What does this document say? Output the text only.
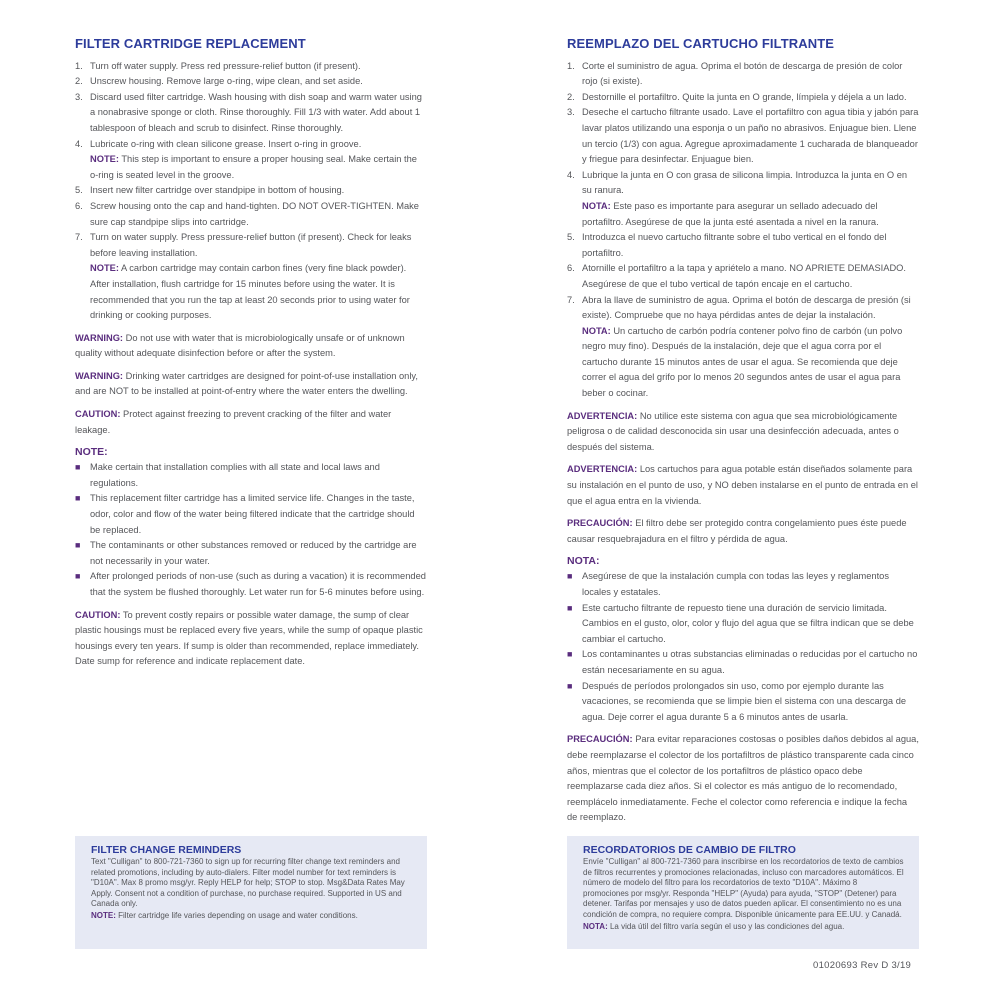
FILTER CARTRIDGE REPLACEMENT
1. Turn off water supply. Press red pressure-relief button (if present).
2. Unscrew housing. Remove large o-ring, wipe clean, and set aside.
3. Discard used filter cartridge. Wash housing with dish soap and warm water using a nonabrasive sponge or cloth. Rinse thoroughly. Fill 1/3 with water. Add about 1 tablespoon of bleach and scrub to disinfect. Rinse thoroughly.
4. Lubricate o-ring with clean silicone grease. Insert o-ring in groove.
NOTE: This step is important to ensure a proper housing seal. Make certain the o-ring is seated level in the groove.
5. Insert new filter cartridge over standpipe in bottom of housing.
6. Screw housing onto the cap and hand-tighten. DO NOT OVER-TIGHTEN. Make sure cap standpipe slips into cartridge.
7. Turn on water supply. Press pressure-relief button (if present). Check for leaks before leaving installation.
NOTE: A carbon cartridge may contain carbon fines (very fine black powder). After installation, flush cartridge for 15 minutes before using the water. It is recommended that you run the tap at least 20 seconds prior to using water for drinking or cooking purposes.
WARNING: Do not use with water that is microbiologically unsafe or of unknown quality without adequate disinfection before or after the system.
WARNING: Drinking water cartridges are designed for point-of-use installation only, and are NOT to be installed at point-of-entry where the water enters the dwelling.
CAUTION: Protect against freezing to prevent cracking of the filter and water leakage.
NOTE:
■	Make certain that installation complies with all state and local laws and regulations.
■	This replacement filter cartridge has a limited service life. Changes in the taste, odor, color and flow of the water being filtered indicate that the cartridge should be replaced.
■	The contaminants or other substances removed or reduced by the cartridge are not necessarily in your water.
■	After prolonged periods of non-use (such as during a vacation) it is recommended that the system be flushed thoroughly. Let water run for 5-6 minutes before using.
CAUTION: To prevent costly repairs or possible water damage, the sump of clear plastic housings must be replaced every five years, while the sump of opaque plastic housings every ten years. If sump is older than recommended, replace immediately. Date sump for reference and indicate replacement date.
REEMPLAZO DEL CARTUCHO FILTRANTE
1. Corte el suministro de agua. Oprima el botón de descarga de presión de color rojo (si existe).
2. Destornille el portafiltro. Quite la junta en O grande, límpiela y déjela a un lado.
3. Deseche el cartucho filtrante usado. Lave el portafiltro con agua tibia y jabón para lavar platos utilizando una esponja o un paño no abrasivos. Enjuague bien. Llene un tercio (1/3) con agua. Agregue aproximadamente 1 cucharada de blanqueador y friegue para desinfectar. Enjuague bien.
4. Lubrique la junta en O con grasa de silicona limpia. Introduzca la junta en O en su ranura.
NOTA: Este paso es importante para asegurar un sellado adecuado del portafiltro. Asegúrese de que la junta esté asentada a nivel en la ranura.
5. Introduzca el nuevo cartucho filtrante sobre el tubo vertical en el fondo del portafiltro.
6. Atornille el portafiltro a la tapa y apriételo a mano. NO APRIETE DEMASIADO. Asegúrese de que el tubo vertical de tapón encaje en el cartucho.
7. Abra la llave de suministro de agua. Oprima el botón de descarga de presión (si existe). Compruebe que no haya pérdidas antes de dejar la instalación.
NOTA: Un cartucho de carbón podría contener polvo fino de carbón (un polvo negro muy fino). Después de la instalación, deje que el agua corra por el cartucho durante 15 minutos antes de usar el agua. Se recomienda que deje correr el agua del grifo por lo menos 20 segundos antes de usar el agua para beber o cocinar.
ADVERTENCIA: No utilice este sistema con agua que sea microbiológicamente peligrosa o de calidad desconocida sin usar una desinfección adecuada, antes o después del sistema.
ADVERTENCIA: Los cartuchos para agua potable están diseñados solamente para su instalación en el punto de uso, y NO deben instalarse en el punto de entrada en el que el agua entra en la vivienda.
PRECAUCIÓN: El filtro debe ser protegido contra congelamiento pues éste puede causar resquebrajadura en el filtro y pérdida de agua.
NOTA:
■	Asegúrese de que la instalación cumpla con todas las leyes y reglamentos locales y estatales.
■	Este cartucho filtrante de repuesto tiene una duración de servicio limitada. Cambios en el gusto, olor, color y flujo del agua que se filtra indican que se debe cambiar el cartucho.
■	Los contaminantes u otras substancias eliminadas o reducidas por el cartucho no están necesariamente en su agua.
■	Después de períodos prolongados sin uso, como por ejemplo durante las vacaciones, se recomienda que se limpie bien el sistema con una descarga de agua. Deje correr el agua durante 5 a 6 minutos antes de usarla.
PRECAUCIÓN: Para evitar reparaciones costosas o posibles daños debidos al agua, debe reemplazarse el colector de los portafiltros de plástico transparente cada cinco años, mientras que el colector de los portafiltros de plástico opaco debe reemplazarse cada diez años. Si el colector es más antiguo de lo recomendado, reemplácelo inmediatamente. Feche el colector como referencia e indique la fecha de reemplazo.
FILTER CHANGE REMINDERS
Text "Culligan" to 800-721-7360 to sign up for recurring filter change text reminders and related promotions, including by auto-dialers. Filter model number for text reminders is "D10A". Max 8 promo msg/yr. Reply HELP for help; STOP to stop. Msg&Data Rates May Apply. Consent not a condition of purchase, no purchase required. Supported in US and Canada only.
NOTE: Filter cartridge life varies depending on usage and water conditions.
RECORDATORIOS DE CAMBIO DE FILTRO
Envíe "Culligan" al 800-721-7360 para inscribirse en los recordatorios de texto de cambios de filtros recurrentes y promociones relacionadas, incluso con marcadores automáticos. El número de modelo del filtro para los recordatorios de texto "D10A". Máximo 8 promociones por msg/yr. Responda "HELP" (Ayuda) para ayuda, "STOP" (Detener) para detener. Tarifas por mensajes y uso de datos pueden aplicar. El consentimiento no es una condición de compra, no requiere compra. Disponible únicamente para EE.UU. y Canadá.
NOTA: La vida útil del filtro varía según el uso y las condiciones del agua.
01020693 Rev D 3/19
